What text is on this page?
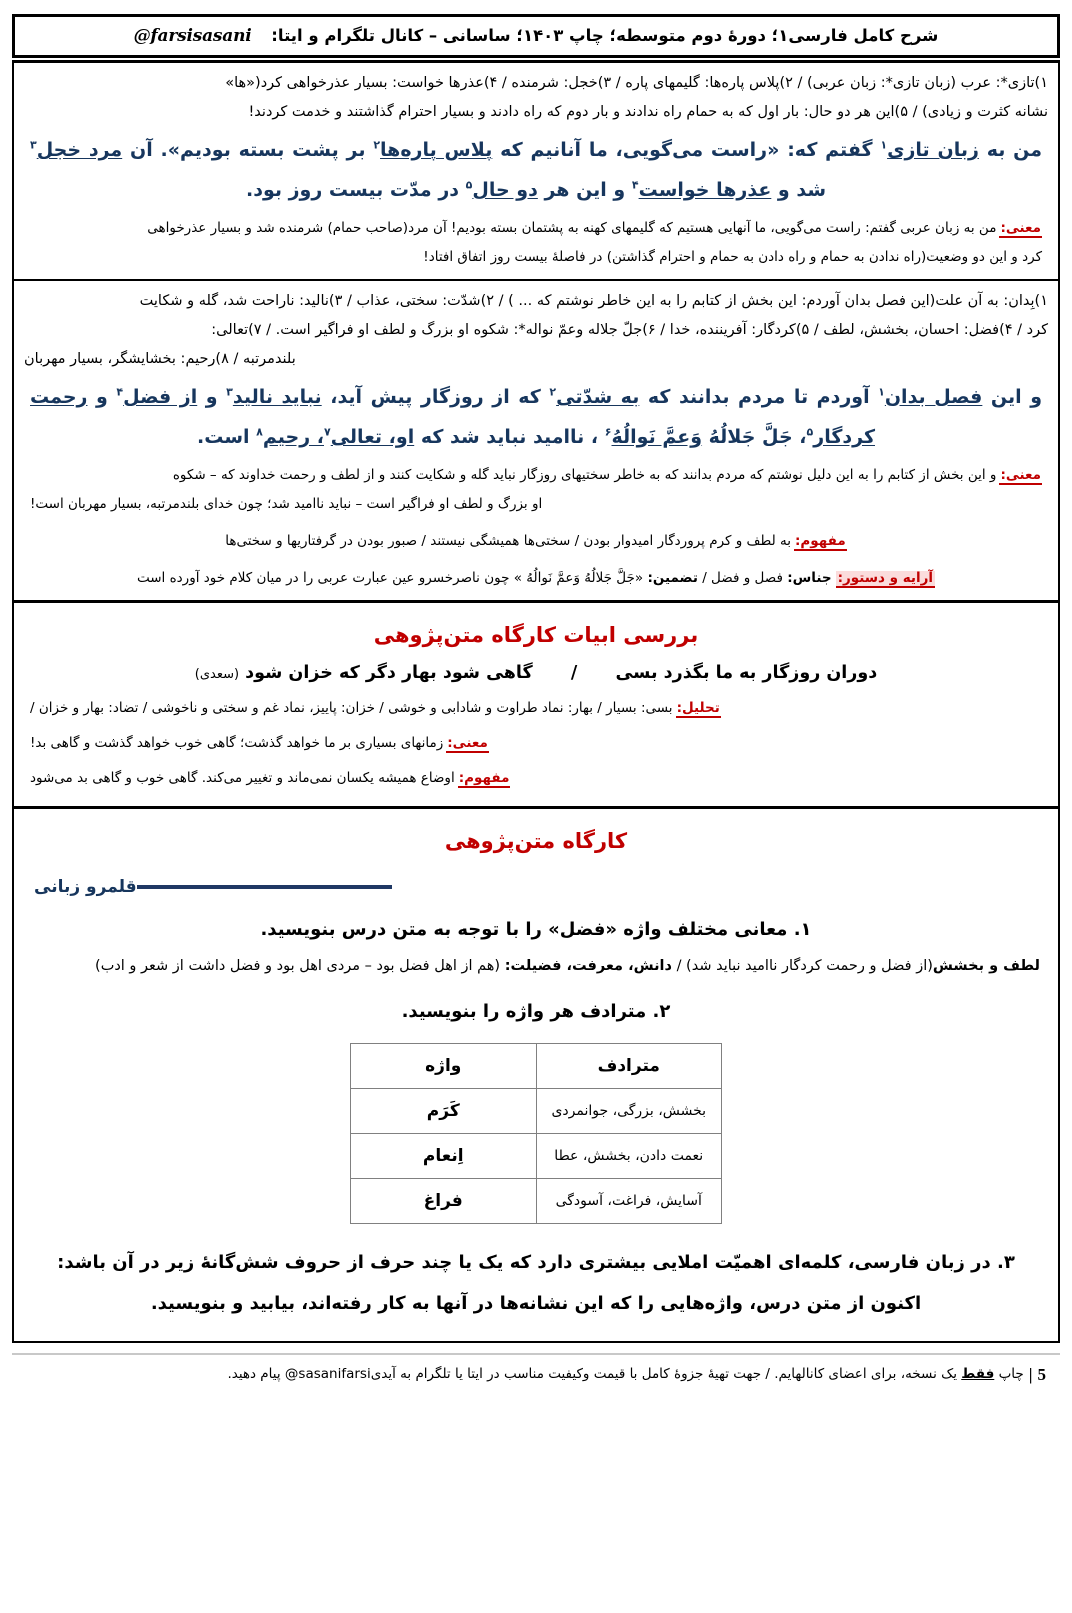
شرح کامل فارسی۱؛ دورهٔ دوم متوسطه؛ چاپ ۱۴۰۳؛ ساسانی – کانال تلگرام و ایتا: @farsisasani
۱)تازی*: عرب (زبان تازی*: زبان عربی) / ۲)پلاس پاره‌ها: گلیمهای پاره / ۳)خجل: شرمنده / ۴)عذرها خواست: بسیار عذرخواهی کرد(«ها»
نشانه کثرت و زیادی) / ۵)این هر دو حال: بار اول که به حمام راه ندادند و بار دوم که راه دادند و بسیار احترام گذاشتند و خدمت کردند!
من به زبان تازی$^۱$ گفتم که: «راست می‌گویی، ما آنانیم که پلاس پاره‌ها$^۲$ بر پشت بسته بودیم». آن مرد خجل$^۳$ شد و عذرها خواست$^۴$ و این هر دو حال$^۵$ در مدّت بیست روز بود.
معنی:من به زبان عربی گفتم: راست می‌گویی، ما آنهایی هستیم که گلیمهای کهنه به پشتمان بسته بودیم! آن مرد(صاحب حمام) شرمنده شد و بسیار عذرخواهی
کرد و این دو وضعیت(راه ندادن به حمام و راه دادن به حمام و احترام گذاشتن) در فاصلهٔ بیست روز اتفاق افتاد!
۱)بِدان: به آن علت(این فصل بدان آوردم: این بخش از کتابم را به این خاطر نوشتم که ... ) / ۲)شدّت: سختی، عذاب / ۳)نالید: ناراحت شد، گله و شکایت
کرد / ۴)فضل: احسان، بخشش، لطف / ۵)کردگار: آفریننده، خدا / ۶)جلّ جلاله وعمّ نواله*: شکوه او بزرگ و لطف او فراگیر است. / ۷)تعالی:
بلندمرتبه / ۸)رحیم: بخشایشگر، بسیار مهربان
و این فصل بدان$^۱$ آوردم تا مردم بدانند که به شدّتی$^۲$ که از روزگار پیش آید، نباید نالید$^۳$ و از فضل$^۴$ و رحمت کردگار$^۵$، جَلَّ جَلالُهُ وَعمَّ نَوالُهُ$^۶$ ، ناامید نباید شد که او، تعالی$^۷$، رحیم$^۸$ است.
معنی:و این بخش از کتابم را به این دلیل نوشتم که مردم بدانند که به خاطر سختیهای روزگار نباید گله و شکایت کنند و از لطف و رحمت خداوند که – شکوه
او بزرگ و لطف او فراگیر است – نباید ناامید شد؛ چون خدای بلندمرتبه، بسیار مهربان است!
مفهوم:به لطف و کرم پروردگار امیدوار بودن / سختی‌ها همیشگی نیستند / صبور بودن در گرفتاریها و سختی‌ها
آرایه و دستور:جناس: فصل و فضل / تضمین: «جَلَّ جَلالُهُ وَعمَّ نَوالُهُ » چون ناصرخسرو عین عبارت عربی را در میان کلام خود آورده است
بررسی ابیات کارگاه متن‌پژوهی
دوران روزگار به ما بگذرد بسی  /  گاهی شود بهار دگر که خزان شود (سعدی)
تحلیل:بسی: بسیار / بهار: نماد طراوت و شادابی و خوشی / خزان: پاییز، نماد غم و سختی و ناخوشی / تضاد: بهار و خزان /
معنی:زمانهای بسیاری بر ما خواهد گذشت؛ گاهی خوب خواهد گذشت و گاهی بد!
مفهوم:اوضاع همیشه یکسان نمی‌ماند و تغییر می‌کند. گاهی خوب و گاهی بد می‌شود
کارگاه متن‌پژوهی
قلمرو زبانی
۱. معانی مختلف واژه «فضل» را با توجه به متن درس بنویسید.
لطف و بخشش(از فضل و رحمت کردگار ناامید نباید شد) / دانش، معرفت، فضیلت: (هم از اهل فضل بود – مردی اهل بود و فضل داشت از شعر و ادب)
۲. مترادف هر واژه را بنویسید.
مترادف	واژه
بخشش، بزرگی، جوانمردی	کَرَم
نعمت دادن، بخشش، عطا	اِنعام
آسایش، فراغت، آسودگی	فراغ
۳. در زبان فارسی، کلمه‌ای اهمیّت املایی بیشتری دارد که یک یا چند حرف از حروف شش‌گانهٔ زیر در آن باشد:
اکنون از متن درس، واژه‌هایی را که این نشانه‌ها در آنها به کار رفته‌اند، بیابید و بنویسید.
چاپ فقط یک نسخه، برای اعضای کانالهایم. / جهت تهیهٔ جزوهٔ کامل با قیمت وکیفیت مناسب در ایتا یا تلگرام به آیدی@sasanifarsi پیام دهید.	5|
